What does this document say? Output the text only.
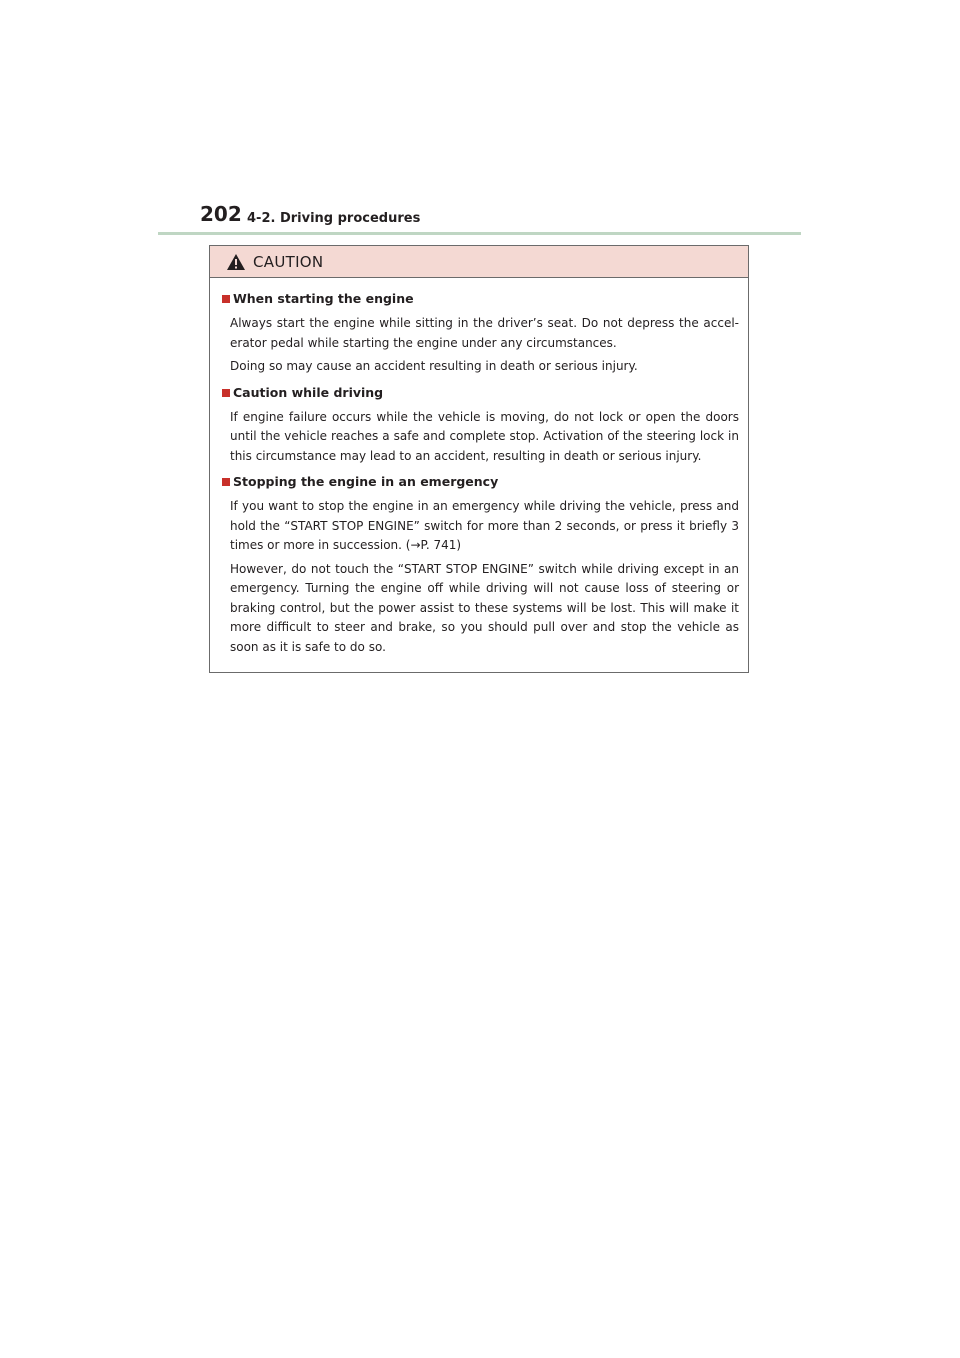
202 4-2. Driving procedures
CAUTION
When starting the engine

Always start the engine while sitting in the driver’s seat. Do not depress the accel- erator pedal while starting the engine under any circumstances.

Doing so may cause an accident resulting in death or serious injury.

Caution while driving

If engine failure occurs while the vehicle is moving, do not lock or open the doors until the vehicle reaches a safe and complete stop. Activation of the steering lock in this circumstance may lead to an accident, resulting in death or serious injury.

Stopping the engine in an emergency

If you want to stop the engine in an emergency while driving the vehicle, press and hold the “START STOP ENGINE” switch for more than 2 seconds, or press it briefly 3 times or more in succession. (→P. 741)

However, do not touch the “START STOP ENGINE” switch while driving except in an emergency. Turning the engine off while driving will not cause loss of steering or braking control, but the power assist to these systems will be lost. This will make it more difficult to steer and brake, so you should pull over and stop the vehicle as soon as it is safe to do so.
